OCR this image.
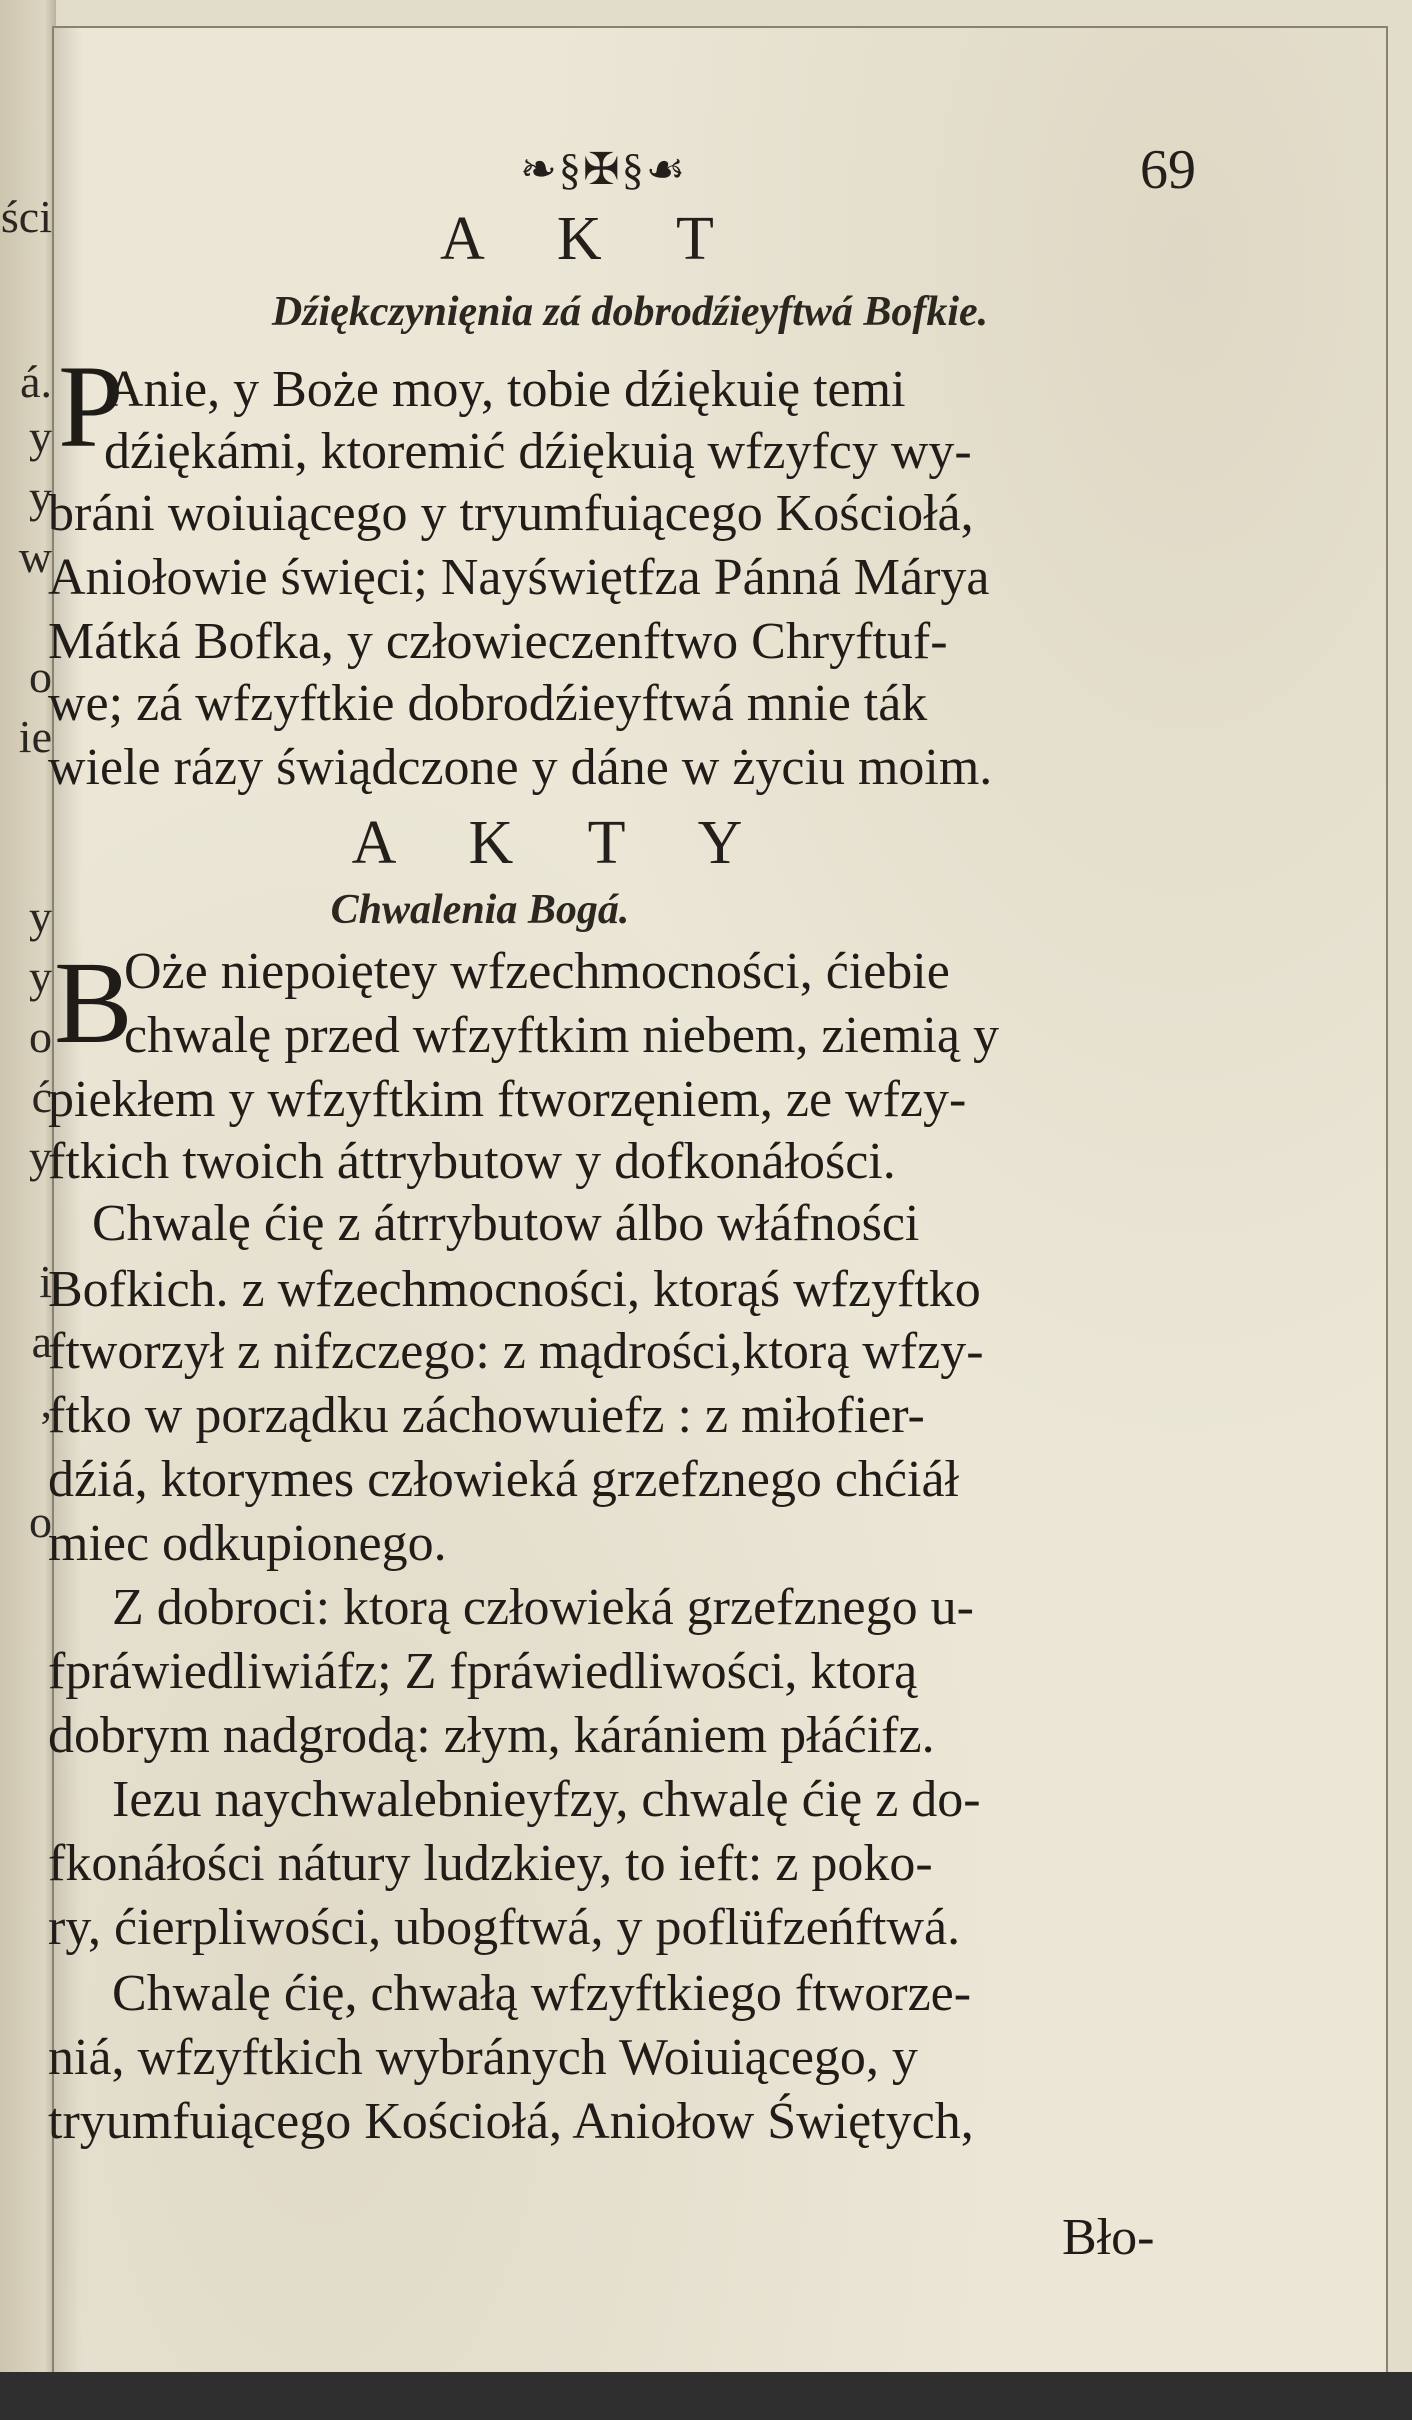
ści
á.
y
y
w
o
ie
y
y
o
ć
y
i
a
,
o
❧§✠§☙	69
A K T
Dźiękczynięnia zá dobrodźieyftwá Bofkie.
P
Anie, y Boże moy, tobie dźiękuię temi
dźiękámi, ktoremić dźiękuią wfzyfcy wy-
bráni woiuiącego y tryumfuiącego Kościołá,
Aniołowie święci; Nayświętfza Pánná Márya
Mátká Bofka, y człowieczenftwo Chryftuf-
we; zá wfzyftkie dobrodźieyftwá mnie ták
wiele rázy świądczone y dáne w życiu moim.
A K T Y
Chwalenia Bogá.
B
Oże niepoiętey wfzechmocności, ćiebie
chwalę przed wfzyftkim niebem, ziemią y
piekłem y wfzyftkim ftworzęniem, ze wfzy-
ftkich twoich áttrybutow y dofkonáłości.
Chwalę ćię z átrrybutow álbo włáfności
Bofkich. z wfzechmocności, ktorąś wfzyftko
ftworzył z nifzczego: z mądrości,ktorą wfzy-
ftko w porządku záchowuiefz : z miłofier-
dźiá, ktorymes człowieká grzefznego chćiáł
miec odkupionego.
Z dobroci: ktorą człowieká grzefznego u-
fpráwiedliwiáfz; Z fpráwiedliwości, ktorą
dobrym nadgrodą: złym, kárániem płáćifz.
Iezu naychwalebnieyfzy, chwalę ćię z do-
fkonáłości nátury ludzkiey, to ieft: z poko-
ry, ćierpliwości, ubogftwá, y poflüfzeńftwá.
Chwalę ćię, chwałą wfzyftkiego ftworze-
niá, wfzyftkich wybránych Woiuiącego, y
tryumfuiącego Kościołá, Aniołow Świętych,
Bło-
